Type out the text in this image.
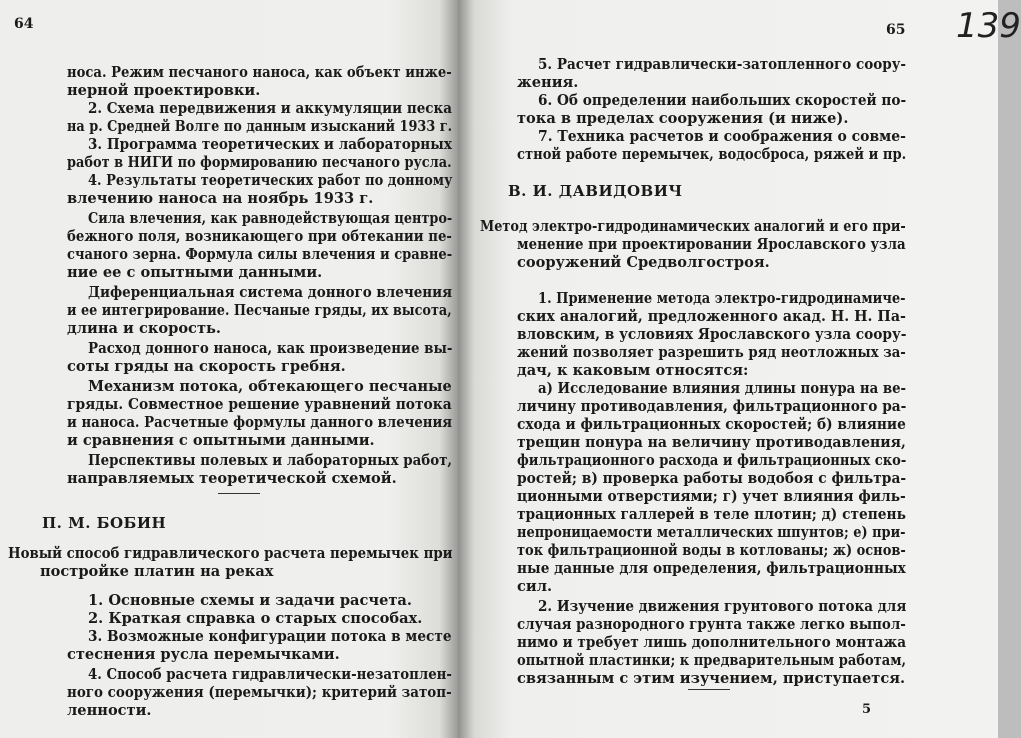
64
носа. Режим песчаного наноса, как объект инже-
нерной проектировки.
2. Схема передвижения и аккумуляции песка
на р. Средней Волге по данным изысканий 1933 г.
3. Программа теоретических и лабораторных
работ в НИГИ по формированию песчаного русла.
4. Результаты теоретических работ по донному
влечению наноса на ноябрь 1933 г.
Сила влечения, как равнодействующая центро-
бежного поля, возникающего при обтекании пе-
счаного зерна. Формула силы влечения и сравне-
ние ее с опытными данными.
Диференциальная система донного влечения
и ее интегрирование. Песчаные гряды, их высота,
длина и скорость.
Расход донного наноса, как произведение вы-
соты гряды на скорость гребня.
Механизм потока, обтекающего песчаные
гряды. Совместное решение уравнений потока
и наноса. Расчетные формулы данного влечения
и сравнения с опытными данными.
Перспективы полевых и лабораторных работ,
направляемых теоретической схемой.
П. М. БОБИН
Новый способ гидравлического расчета перемычек при
постройке платин на реках
1. Основные схемы и задачи расчета.
2. Краткая справка о старых способах.
3. Возможные конфигурации потока в месте
стеснения русла перемычками.
4. Способ расчета гидравлически-незатоплен-
ного сооружения (перемычки); критерий затоп-
ленности.
65 139
5. Расчет гидравлически-затопленного соору-
жения.
6. Об определении наибольших скоростей по-
тока в пределах сооружения (и ниже).
7. Техника расчетов и соображения о совме-
стной работе перемычек, водосброса, ряжей и пр.
В. И. ДАВИДОВИЧ
Метод электро-гидродинамических аналогий и его при-
менение при проектировании Ярославского узла
сооружений Средволгостроя.
1. Применение метода электро-гидродинамиче-
ских аналогий, предложенного акад. Н. Н. Па-
вловским, в условиях Ярославского узла соору-
жений позволяет разрешить ряд неотложных за-
дач, к каковым относятся:
а) Исследование влияния длины понура на ве-
личину противодавления, фильтрационного ра-
схода и фильтрационных скоростей; б) влияние
трещин понура на величину противодавления,
фильтрационного расхода и фильтрационных ско-
ростей; в) проверка работы водобоя с фильтра-
ционными отверстиями; г) учет влияния филь-
трационных галлерей в теле плотин; д) степень
непроницаемости металлических шпунтов; е) при-
ток фильтрационной воды в котлованы; ж) основ-
ные данные для определения, фильтрационных
сил.
2. Изучение движения грунтового потока для
случая разнородного грунта также легко выпол-
нимо и требует лишь дополнительного монтажа
опытной пластинки; к предварительным работам,
связанным с этим изучением, приступается.
5
